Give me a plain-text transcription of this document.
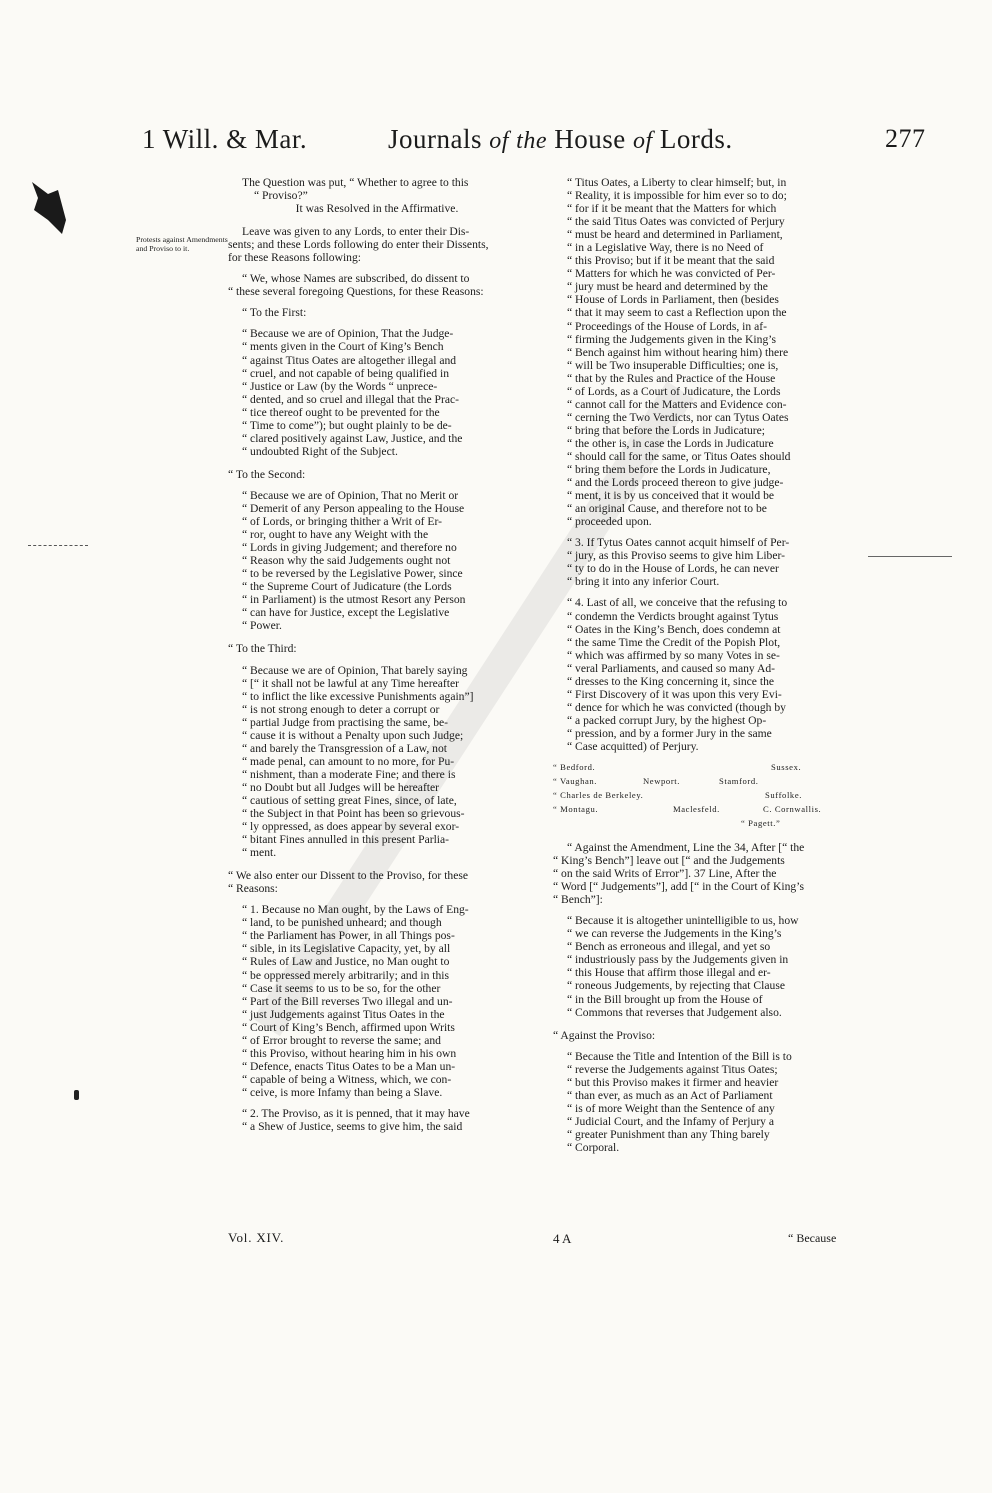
1 Will. & Mar.	Journals of the House of Lords.	277
Protests against Amendments and Proviso to it.

The Question was put, “ Whether to agree to this

“ Proviso?”

It was Resolved in the Affirmative.

Leave was given to any Lords, to enter their Dis-

sents; and these Lords following do enter their Dissents,

for these Reasons following:

“ We, whose Names are subscribed, do dissent to

“ these several foregoing Questions, for these Reasons:

“ To the First:

“ Because we are of Opinion, That the Judge-

“ ments given in the Court of King’s Bench

“ against Titus Oates are altogether illegal and

“ cruel, and not capable of being qualified in

“ Justice or Law (by the Words “ unprece-

“ dented, and so cruel and illegal that the Prac-

“ tice thereof ought to be prevented for the

“ Time to come”); but ought plainly to be de-

“ clared positively against Law, Justice, and the

“ undoubted Right of the Subject.

“ To the Second:

“ Because we are of Opinion, That no Merit or

“ Demerit of any Person appealing to the House

“ of Lords, or bringing thither a Writ of Er-

“ ror, ought to have any Weight with the

“ Lords in giving Judgement; and therefore no

“ Reason why the said Judgements ought not

“ to be reversed by the Legislative Power, since

“ the Supreme Court of Judicature (the Lords

“ in Parliament) is the utmost Resort any Person

“ can have for Justice, except the Legislative

“ Power.

“ To the Third:

“ Because we are of Opinion, That barely saying

“ [“ it shall not be lawful at any Time hereafter

“ to inflict the like excessive Punishments again”]

“ is not strong enough to deter a corrupt or

“ partial Judge from practising the same, be-

“ cause it is without a Penalty upon such Judge;

“ and barely the Transgression of a Law, not

“ made penal, can amount to no more, for Pu-

“ nishment, than a moderate Fine; and there is

“ no Doubt but all Judges will be hereafter

“ cautious of setting great Fines, since, of late,

“ the Subject in that Point has been so grievous-

“ ly oppressed, as does appear by several exor-

“ bitant Fines annulled in this present Parlia-

“ ment.

“ We also enter our Dissent to the Proviso, for these

“ Reasons:

“ 1. Because no Man ought, by the Laws of Eng-

“ land, to be punished unheard; and though

“ the Parliament has Power, in all Things pos-

“ sible, in its Legislative Capacity, yet, by all

“ Rules of Law and Justice, no Man ought to

“ be oppressed merely arbitrarily; and in this

“ Case it seems to us to be so, for the other

“ Part of the Bill reverses Two illegal and un-

“ just Judgements against Titus Oates in the

“ Court of King’s Bench, affirmed upon Writs

“ of Error brought to reverse the same; and

“ this Proviso, without hearing him in his own

“ Defence, enacts Titus Oates to be a Man un-

“ capable of being a Witness, which, we con-

“ ceive, is more Infamy than being a Slave.

“ 2. The Proviso, as it is penned, that it may have

“ a Shew of Justice, seems to give him, the said

“ Titus Oates, a Liberty to clear himself; but, in

“ Reality, it is impossible for him ever so to do;

“ for if it be meant that the Matters for which

“ the said Titus Oates was convicted of Perjury

“ must be heard and determined in Parliament,

“ in a Legislative Way, there is no Need of

“ this Proviso; but if it be meant that the said

“ Matters for which he was convicted of Per-

“ jury must be heard and determined by the

“ House of Lords in Parliament, then (besides

“ that it may seem to cast a Reflection upon the

“ Proceedings of the House of Lords, in af-

“ firming the Judgements given in the King’s

“ Bench against him without hearing him) there

“ will be Two insuperable Difficulties; one is,

“ that by the Rules and Practice of the House

“ of Lords, as a Court of Judicature, the Lords

“ cannot call for the Matters and Evidence con-

“ cerning the Two Verdicts, nor can Tytus Oates

“ bring that before the Lords in Judicature;

“ the other is, in case the Lords in Judicature

“ should call for the same, or Titus Oates should

“ bring them before the Lords in Judicature,

“ and the Lords proceed thereon to give judge-

“ ment, it is by us conceived that it would be

“ an original Cause, and therefore not to be

“ proceeded upon.

“ 3. If Tytus Oates cannot acquit himself of Per-

“ jury, as this Proviso seems to give him Liber-

“ ty to do in the House of Lords, he can never

“ bring it into any inferior Court.

“ 4. Last of all, we conceive that the refusing to

“ condemn the Verdicts brought against Tytus

“ Oates in the King’s Bench, does condemn at

“ the same Time the Credit of the Popish Plot,

“ which was affirmed by so many Votes in se-

“ veral Parliaments, and caused so many Ad-

“ dresses to the King concerning it, since the

“ First Discovery of it was upon this very Evi-

“ dence for which he was convicted (though by

“ a packed corrupt Jury, by the highest Op-

“ pression, and by a former Jury in the same

“ Case acquitted) of Perjury.

“ Bedford.	Sussex.
“ Vaughan.	Newport.	Stamford.
“ Charles de Berkeley.	Suffolke.
“ Montagu.	Maclesfeld.	C. Cornwallis.
“ Pagett.”

“ Against the Amendment, Line the 34, After [“ the

“ King’s Bench”] leave out [“ and the Judgements

“ on the said Writs of Error”]. 37 Line, After the

“ Word [“ Judgements”], add [“ in the Court of King’s

“ Bench”]:

“ Because it is altogether unintelligible to us, how

“ we can reverse the Judgements in the King’s

“ Bench as erroneous and illegal, and yet so

“ industriously pass by the Judgements given in

“ this House that affirm those illegal and er-

“ roneous Judgements, by rejecting that Clause

“ in the Bill brought up from the House of

“ Commons that reverses that Judgement also.

“ Against the Proviso:

“ Because the Title and Intention of the Bill is to

“ reverse the Judgements against Titus Oates;

“ but this Proviso makes it firmer and heavier

“ than ever, as much as an Act of Parliament

“ is of more Weight than the Sentence of any

“ Judicial Court, and the Infamy of Perjury a

“ greater Punishment than any Thing barely

“ Corporal.

Vol. XIV.	4 A	“ Because
